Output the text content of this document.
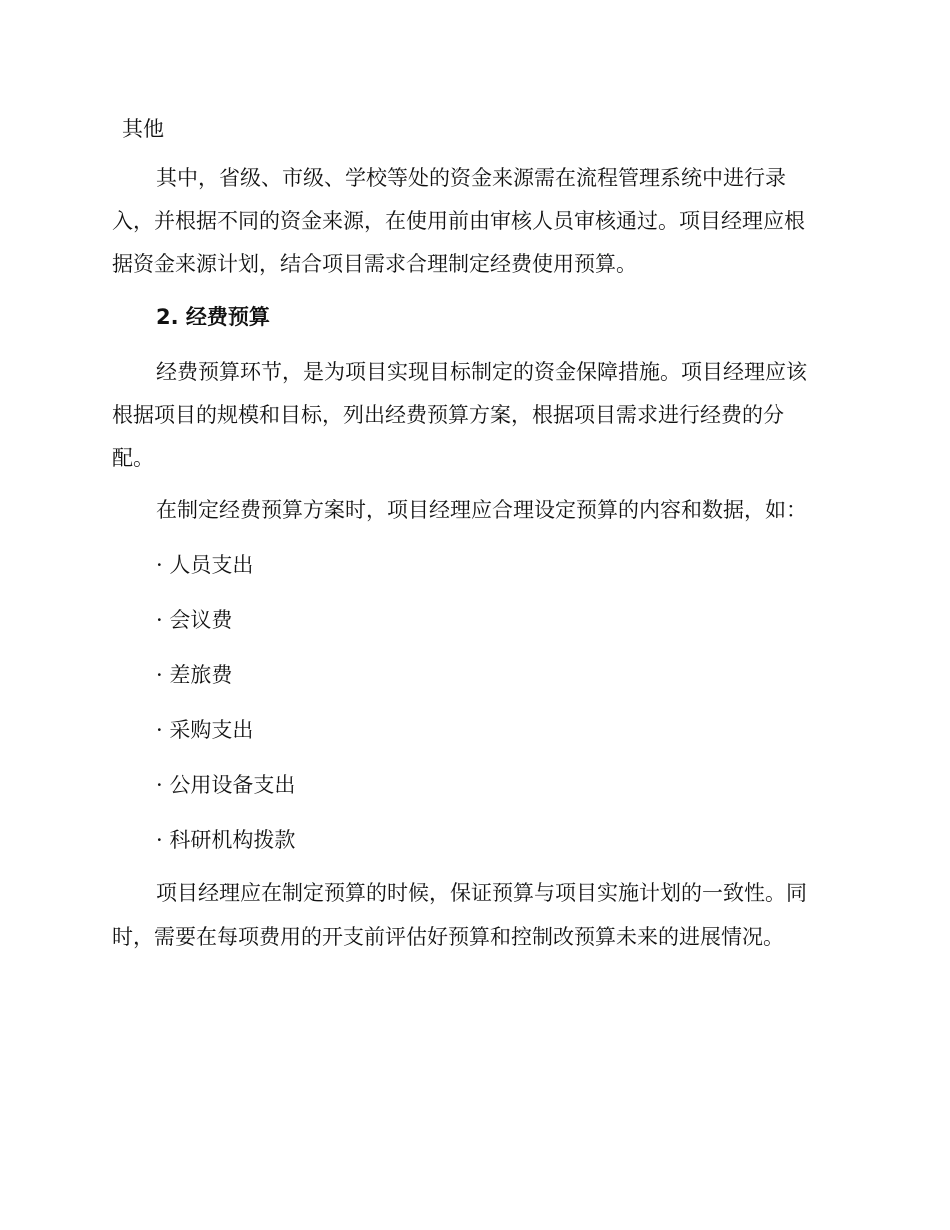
其他
其中，省级、市级、学校等处的资金来源需在流程管理系统中进行录
入，并根据不同的资金来源，在使用前由审核人员审核通过。项目经理应根
据资金来源计划，结合项目需求合理制定经费使用预算。
2. 经费预算
经费预算环节，是为项目实现目标制定的资金保障措施。项目经理应该
根据项目的规模和目标，列出经费预算方案，根据项目需求进行经费的分
配。
在制定经费预算方案时，项目经理应合理设定预算的内容和数据，如：
· 人员支出
· 会议费
· 差旅费
· 采购支出
· 公用设备支出
· 科研机构拨款
项目经理应在制定预算的时候，保证预算与项目实施计划的一致性。同
时，需要在每项费用的开支前评估好预算和控制改预算未来的进展情况。
